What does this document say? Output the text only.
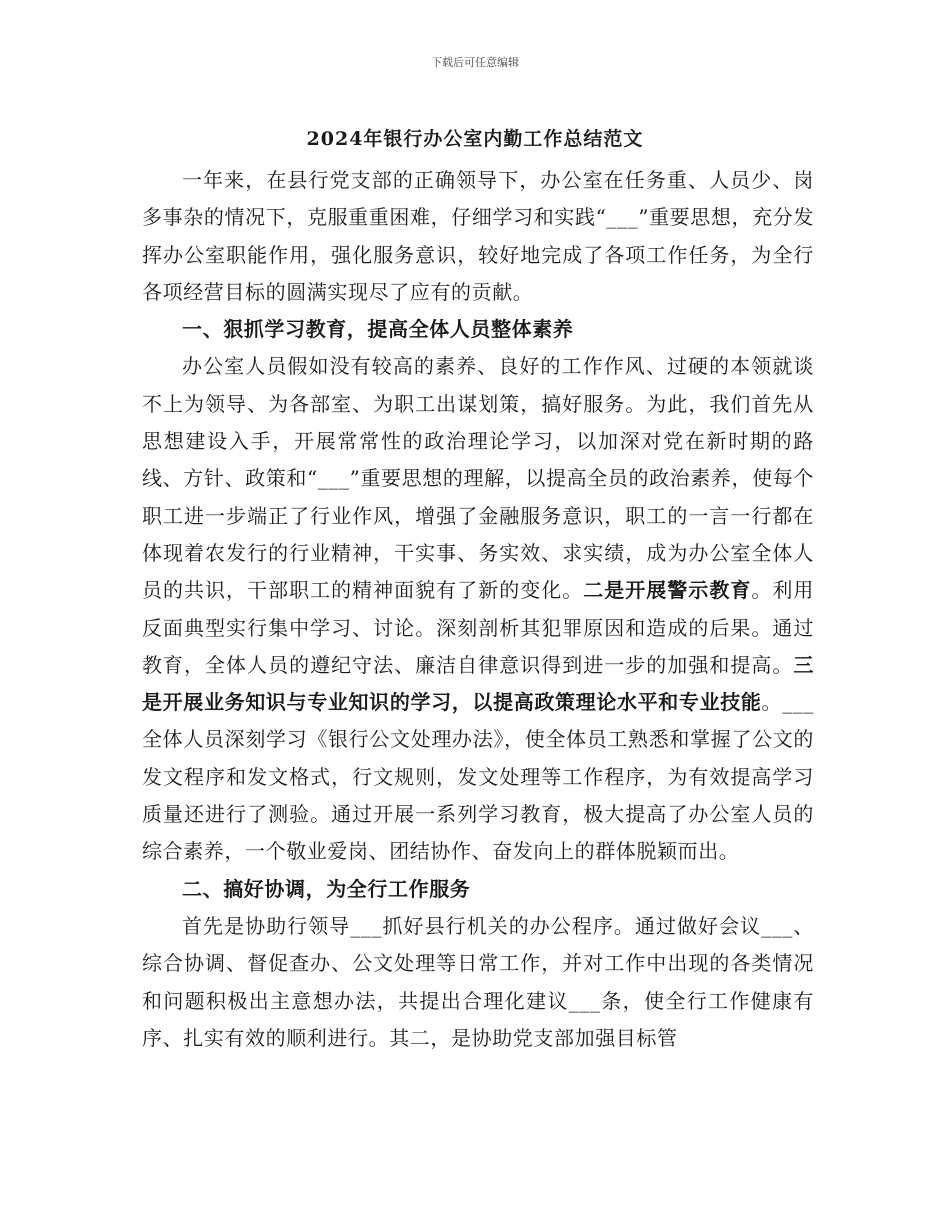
下载后可任意编辑
2024年银行办公室内勤工作总结范文

一年来，在县行党支部的正确领导下，办公室在任务重、人员少、岗多事杂的情况下，克服重重困难，仔细学习和实践“___”重要思想，充分发挥办公室职能作用，强化服务意识，较好地完成了各项工作任务，为全行各项经营目标的圆满实现尽了应有的贡献。

一、狠抓学习教育，提高全体人员整体素养

办公室人员假如没有较高的素养、良好的工作作风、过硬的本领就谈不上为领导、为各部室、为职工出谋划策，搞好服务。为此，我们首先从思想建设入手，开展常常性的政治理论学习，以加深对党在新时期的路线、方针、政策和“___”重要思想的理解，以提高全员的政治素养，使每个职工进一步端正了行业作风，增强了金融服务意识，职工的一言一行都在体现着农发行的行业精神，干实事、务实效、求实绩，成为办公室全体人员的共识，干部职工的精神面貌有了新的变化。二是开展警示教育。利用反面典型实行集中学习、讨论。深刻剖析其犯罪原因和造成的后果。通过教育，全体人员的遵纪守法、廉洁自律意识得到进一步的加强和提高。三是开展业务知识与专业知识的学习，以提高政策理论水平和专业技能。___全体人员深刻学习《银行公文处理办法》，使全体员工熟悉和掌握了公文的发文程序和发文格式，行文规则，发文处理等工作程序，为有效提高学习质量还进行了测验。通过开展一系列学习教育，极大提高了办公室人员的综合素养，一个敬业爱岗、团结协作、奋发向上的群体脱颖而出。

二、搞好协调，为全行工作服务

首先是协助行领导___抓好县行机关的办公程序。通过做好会议___、综合协调、督促查办、公文处理等日常工作，并对工作中出现的各类情况和问题积极出主意想办法，共提出合理化建议___条，使全行工作健康有序、扎实有效的顺利进行。其二，是协助党支部加强目标管
